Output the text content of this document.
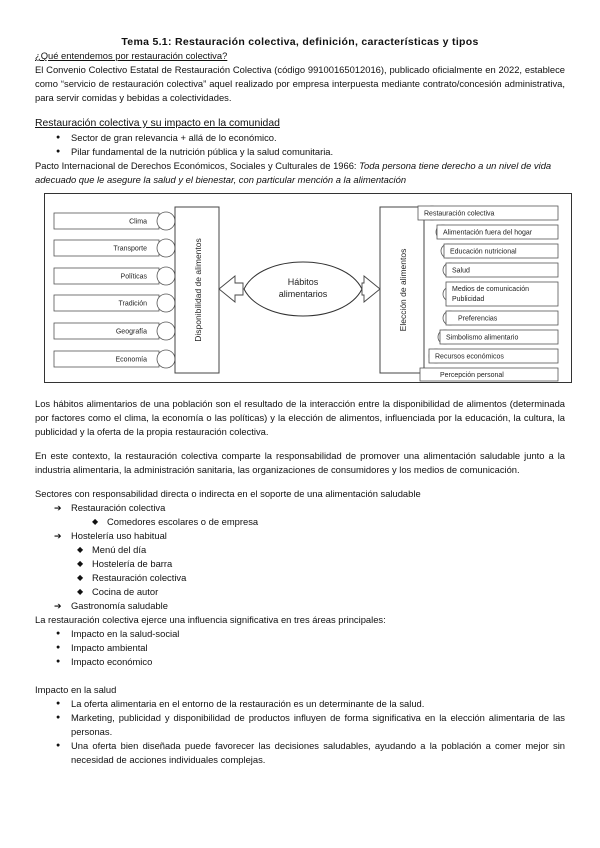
Tema 5.1: Restauración colectiva, definición, características y tipos

¿Qué entendemos por restauración colectiva?

El Convenio Colectivo Estatal de Restauración Colectiva (código 99100165012016), publicado oficialmente en 2022, establece como “servicio de restauración colectiva” aquel realizado por empresa interpuesta mediante contrato/concesión administrativa, para servir comidas y bebidas a colectividades.

Restauración colectiva y su impacto en la comunidad

● Sector de gran relevancia + allá de lo económico.
● Pilar fundamental de la nutrición pública y la salud comunitaria.

Pacto Internacional de Derechos Económicos, Sociales y Culturales de 1966: Toda persona tiene derecho a un nivel de vida adecuado que le asegure la salud y el bienestar, con particular mención a la alimentación

Clima
Transporte
Políticas
Tradición
Geografía
Economía
Disponibilidad de alimentos	Hábitos
alimentarios	Elección de alimentos
Restauración colectiva
Alimentación fuera del hogar
Educación nutricional
Salud
Medios de comunicación
Publicidad
Preferencias
Simbolismo alimentario
Recursos económicos
Percepción personal

Los hábitos alimentarios de una población son el resultado de la interacción entre la disponibilidad de alimentos (determinada por factores como el clima, la economía o las políticas) y la elección de alimentos, influenciada por la educación, la cultura, la publicidad y la oferta de la propia restauración colectiva.

En este contexto, la restauración colectiva comparte la responsabilidad de promover una alimentación saludable junto a la industria alimentaria, la administración sanitaria, las organizaciones de consumidores y los medios de comunicación.

Sectores con responsabilidad directa o indirecta en el soporte de una alimentación saludable

➔ Restauración colectiva
◆ Comedores escolares o de empresa
➔ Hostelería uso habitual
◆ Menú del día
◆ Hostelería de barra
◆ Restauración colectiva
◆ Cocina de autor
➔ Gastronomía saludable

La restauración colectiva ejerce una influencia significativa en tres áreas principales:

● Impacto en la salud-social
● Impacto ambiental
● Impacto económico

Impacto en la salud

● La oferta alimentaria en el entorno de la restauración es un determinante de la salud.
● Marketing, publicidad y disponibilidad de productos influyen de forma significativa en la elección alimentaria de las personas.
● Una oferta bien diseñada puede favorecer las decisiones saludables, ayudando a la población a comer mejor sin necesidad de acciones individuales complejas.
